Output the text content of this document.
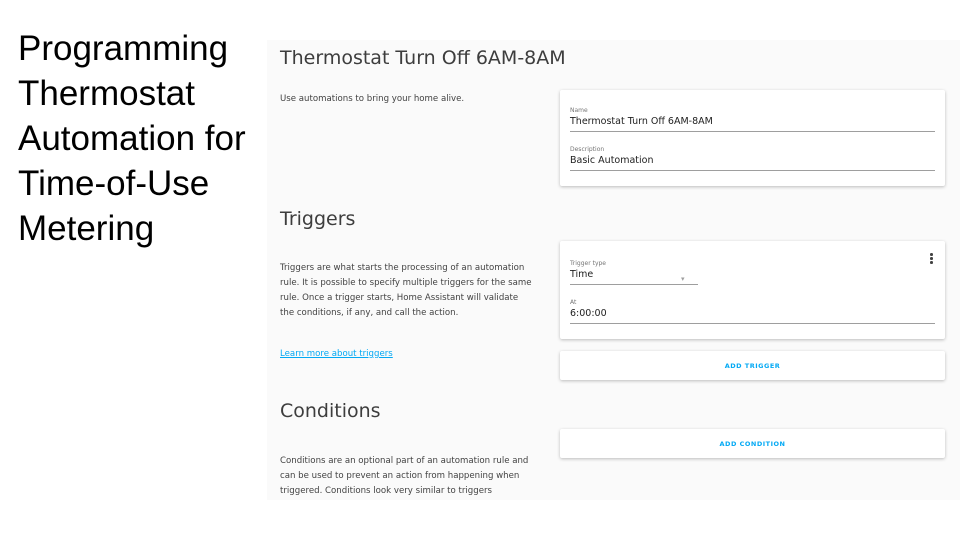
Programming
Thermostat
Automation for
Time-of-Use
Metering
Thermostat Turn Off 6AM-8AM
Use automations to bring your home alive.
Name
Thermostat Turn Off 6AM-8AM
Description
Basic Automation
Triggers
Triggers are what starts the processing of an automation rule. It is possible to specify multiple triggers for the same rule. Once a trigger starts, Home Assistant will validate the conditions, if any, and call the action.
Learn more about triggers
Trigger type
Time	▾
At
6:00:00
ADD TRIGGER
Conditions
ADD CONDITION
Conditions are an optional part of an automation rule and can be used to prevent an action from happening when triggered. Conditions look very similar to triggers
